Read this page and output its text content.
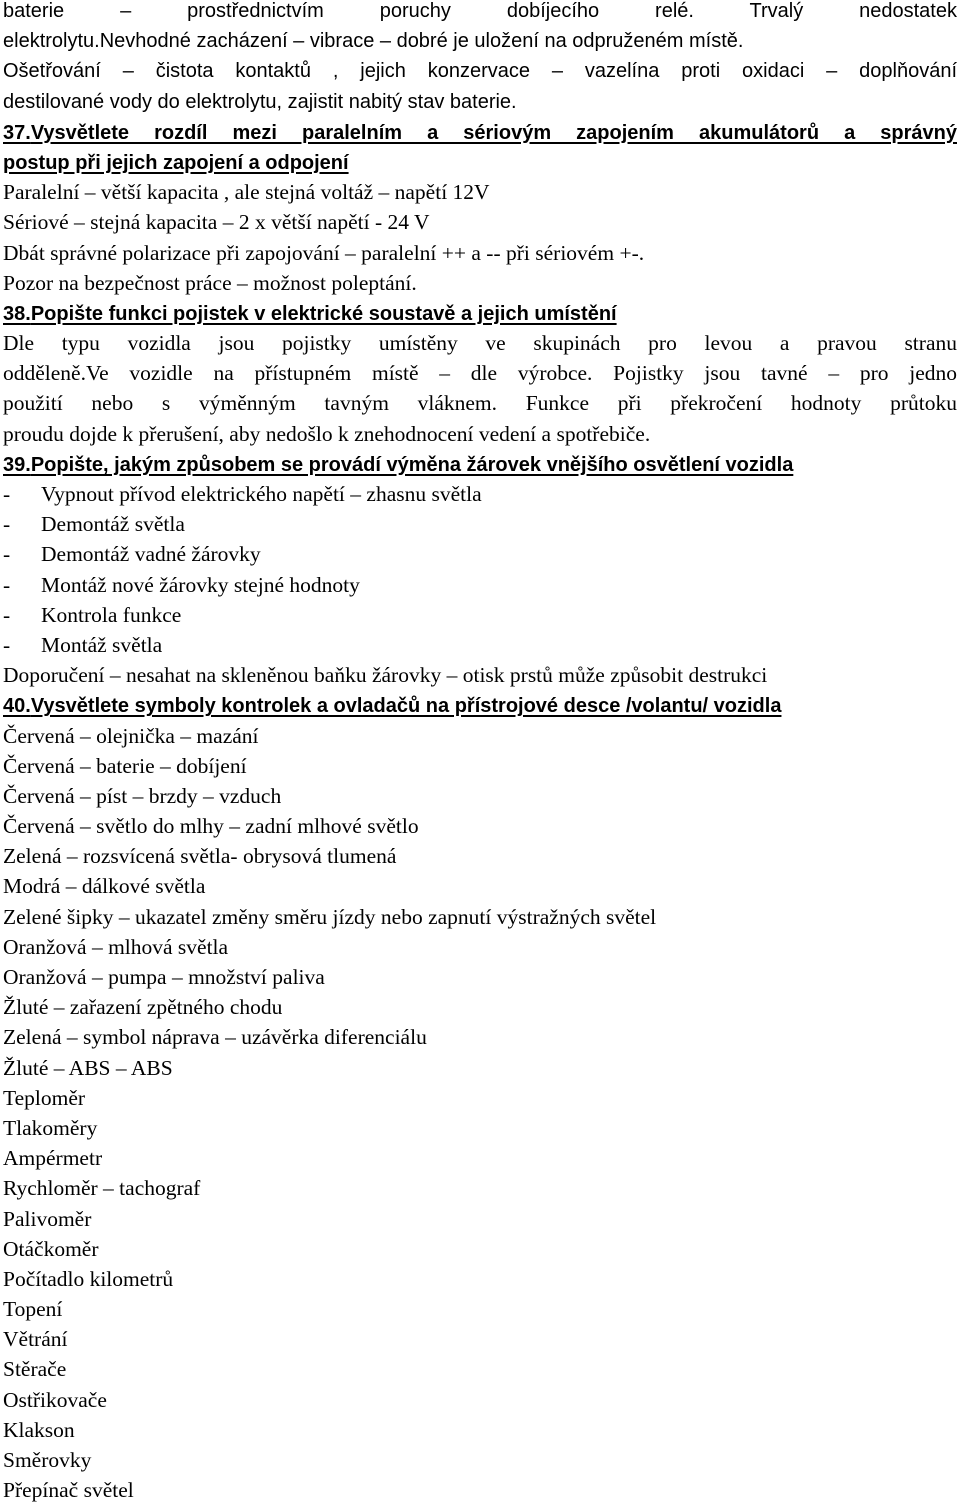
baterie – prostřednictvím poruchy dobíjecího relé. Trvalý nedostatek
elektrolytu.Nevhodné zacházení – vibrace – dobré je uložení na odpruženém místě.
Ošetřování – čistota kontaktů , jejich konzervace – vazelína proti oxidaci – doplňování
destilované vody do elektrolytu, zajistit nabitý stav baterie.
37.Vysvětlete rozdíl mezi paralelním a sériovým zapojením akumulátorů a správný
postup při jejich zapojení a odpojení
Paralelní – větší kapacita , ale stejná voltáž – napětí 12V
Sériové – stejná kapacita – 2 x větší napětí - 24 V
Dbát správné polarizace při zapojování – paralelní ++ a -- při sériovém +-.
Pozor na bezpečnost práce – možnost poleptání.
38.Popište funkci pojistek v elektrické soustavě a jejich umístění
Dle typu vozidla jsou pojistky umístěny ve skupinách pro levou a pravou stranu
odděleně.Ve vozidle na přístupném místě – dle výrobce. Pojistky jsou tavné – pro jedno
použití nebo s výměnným tavným vláknem. Funkce při překročení hodnoty průtoku
proudu dojde k přerušení, aby nedošlo k znehodnocení vedení a spotřebiče.
39.Popište, jakým způsobem se provádí výměna žárovek vnějšího osvětlení vozidla
- Vypnout přívod elektrického napětí – zhasnu světla
- Demontáž světla
- Demontáž vadné žárovky
- Montáž nové žárovky stejné hodnoty
- Kontrola funkce
- Montáž světla
Doporučení – nesahat na skleněnou baňku žárovky – otisk prstů může způsobit destrukci
40.Vysvětlete symboly kontrolek a ovladačů na přístrojové desce /volantu/ vozidla
Červená – olejnička – mazání
Červená – baterie – dobíjení
Červená – píst – brzdy – vzduch
Červená – světlo do mlhy – zadní mlhové světlo
Zelená – rozsvícená světla- obrysová tlumená
Modrá – dálkové světla
Zelené šipky – ukazatel změny směru jízdy nebo zapnutí výstražných světel
Oranžová – mlhová světla
Oranžová – pumpa – množství paliva
Žluté – zařazení zpětného chodu
Zelená – symbol náprava – uzávěrka diferenciálu
Žluté – ABS – ABS
Teploměr
Tlakoměry
Ampérmetr
Rychloměr – tachograf
Palivoměr
Otáčkoměr
Počítadlo kilometrů
Topení
Větrání
Stěrače
Ostřikovače
Klakson
Směrovky
Přepínač světel
